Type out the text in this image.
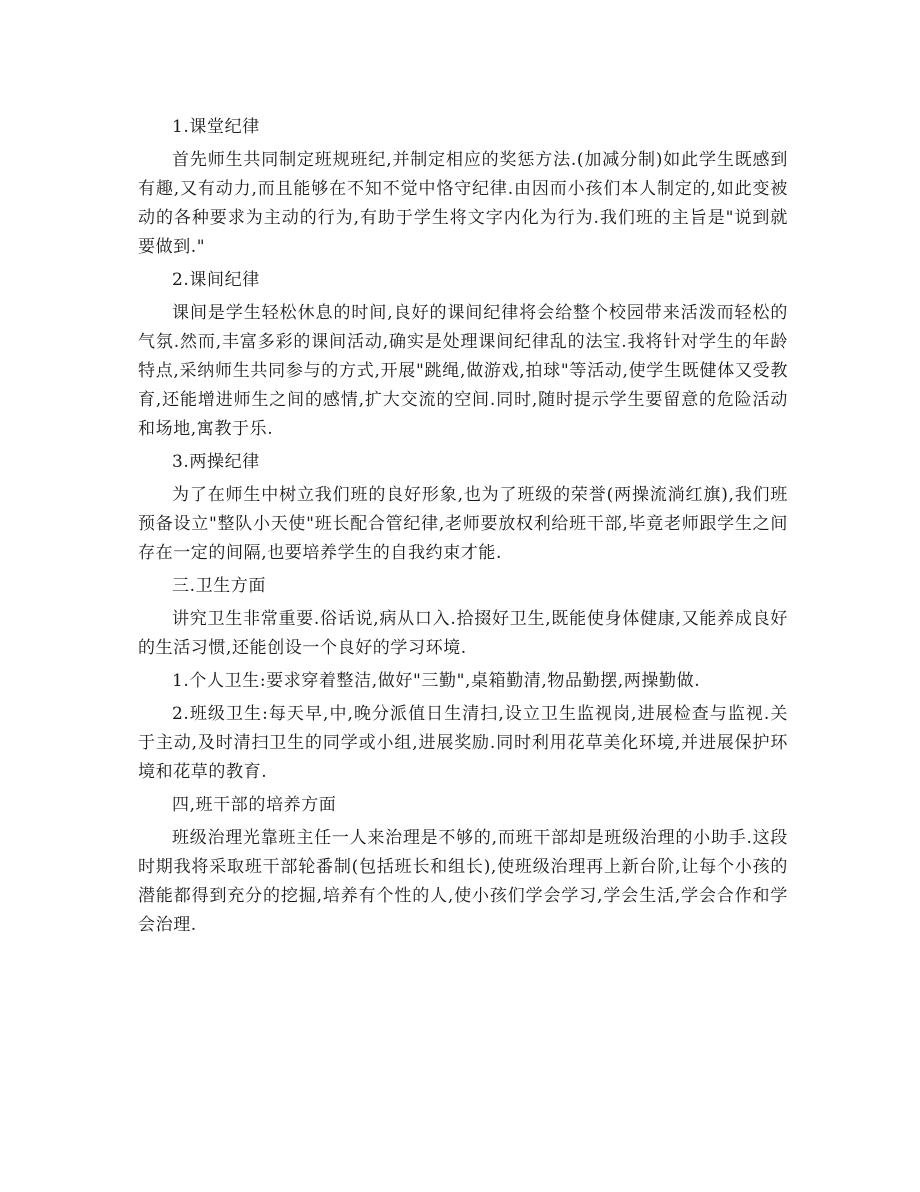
1.课堂纪律

首先师生共同制定班规班纪,并制定相应的奖惩方法.(加减分制)如此学生既感到有趣,又有动力,而且能够在不知不觉中恪守纪律.由因而小孩们本人制定的,如此变被动的各种要求为主动的行为,有助于学生将文字内化为行为.我们班的主旨是"说到就要做到."

2.课间纪律

课间是学生轻松休息的时间,良好的课间纪律将会给整个校园带来活泼而轻松的气氛.然而,丰富多彩的课间活动,确实是处理课间纪律乱的法宝.我将针对学生的年龄特点,采纳师生共同参与的方式,开展"跳绳,做游戏,拍球"等活动,使学生既健体又受教育,还能增进师生之间的感情,扩大交流的空间.同时,随时提示学生要留意的危险活动和场地,寓教于乐.

3.两操纪律

为了在师生中树立我们班的良好形象,也为了班级的荣誉(两操流淌红旗),我们班预备设立"整队小天使"班长配合管纪律,老师要放权利给班干部,毕竟老师跟学生之间存在一定的间隔,也要培养学生的自我约束才能.

三.卫生方面

讲究卫生非常重要.俗话说,病从口入.拾掇好卫生,既能使身体健康,又能养成良好的生活习惯,还能创设一个良好的学习环境.

1.个人卫生:要求穿着整洁,做好"三勤",桌箱勤清,物品勤摆,两操勤做.

2.班级卫生:每天早,中,晚分派值日生清扫,设立卫生监视岗,进展检查与监视.关于主动,及时清扫卫生的同学或小组,进展奖励.同时利用花草美化环境,并进展保护环境和花草的教育.

四,班干部的培养方面

班级治理光靠班主任一人来治理是不够的,而班干部却是班级治理的小助手.这段时期我将采取班干部轮番制(包括班长和组长),使班级治理再上新台阶,让每个小孩的潜能都得到充分的挖掘,培养有个性的人,使小孩们学会学习,学会生活,学会合作和学会治理.
